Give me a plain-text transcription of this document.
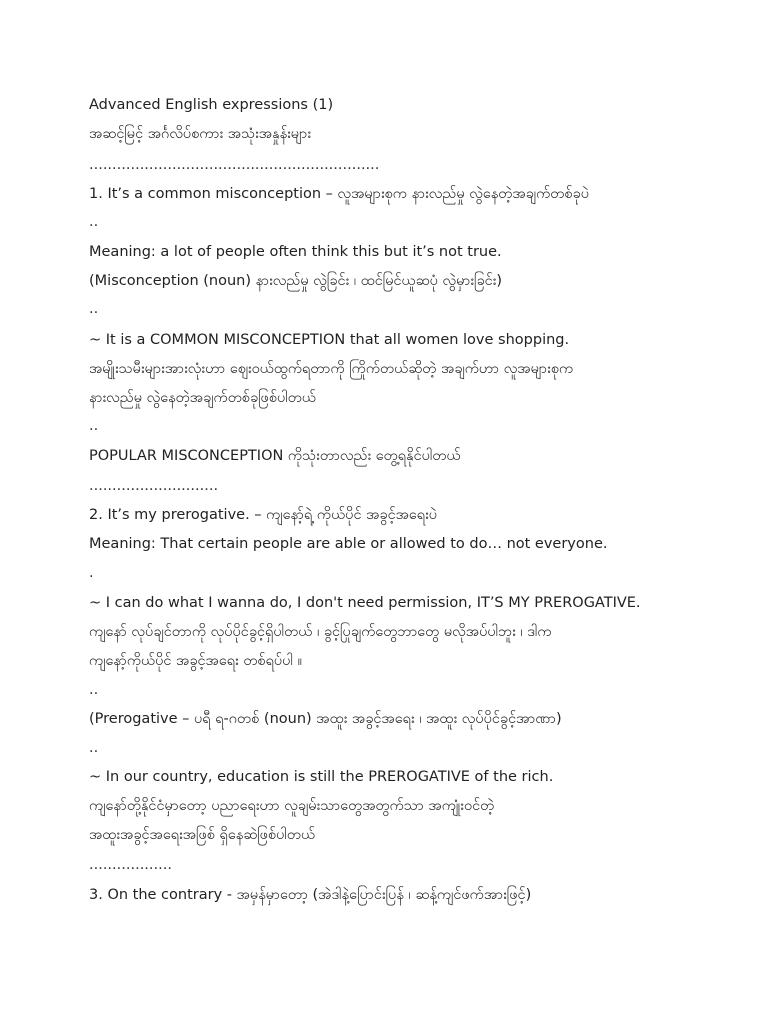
Advanced English expressions (1)
အဆင့်မြင့် အင်္ဂလိပ်စကား အသုံးအနှုန်းများ
...............................................................
1. It’s a common misconception – လူအများစုက နားလည်မှု လွဲနေတဲ့အချက်တစ်ခုပဲ
..
Meaning: a lot of people often think this but it’s not true.
(Misconception (noun) နားလည်မှု လွဲခြင်း ၊ ထင်မြင်ယူဆပုံ လွဲမှားခြင်း)
..
~ It is a COMMON MISCONCEPTION that all women love shopping.
အမျိုးသမီးများအားလုံးဟာ ဈေးဝယ်ထွက်ရတာကို ကြိုက်တယ်ဆိုတဲ့ အချက်ဟာ လူအများစုက
နားလည်မှု လွဲနေတဲ့အချက်တစ်ခုဖြစ်ပါတယ်
..
POPULAR MISCONCEPTION ကိုသုံးတာလည်း တွေ့ရနိုင်ပါတယ်
............................
2. It’s my prerogative. – ကျနော့်ရဲ့ ကိုယ်ပိုင် အခွင့်အရေးပဲ
Meaning: That certain people are able or allowed to do… not everyone.
.
~ I can do what I wanna do, I don't need permission, IT’S MY PREROGATIVE.
ကျနော် လုပ်ချင်တာကို လုပ်ပိုင်ခွင့်ရှိပါတယ် ၊ ခွင့်ပြုချက်တွေဘာတွေ မလိုအပ်ပါဘူး ၊ ဒါက
ကျနော့်ကိုယ်ပိုင် အခွင့်အရေး တစ်ရပ်ပါ ။
..
(Prerogative – ပရီ ရ-ဂတစ် (noun) အထူး အခွင့်အရေး ၊ အထူး လုပ်ပိုင်ခွင့်အာဏာ)
..
~ In our country, education is still the PREROGATIVE of the rich.
ကျနော်တို့နိုင်ငံမှာတော့ ပညာရေးဟာ လူချမ်းသာတွေအတွက်သာ အကျုံးဝင်တဲ့
အထူးအခွင့်အရေးအဖြစ် ရှိနေဆဲဖြစ်ပါတယ်
..................
3. On the contrary - အမှန်မှာတော့ (အဲဒါနဲ့ပြောင်းပြန် ၊ ဆန့်ကျင်ဖက်အားဖြင့်)
